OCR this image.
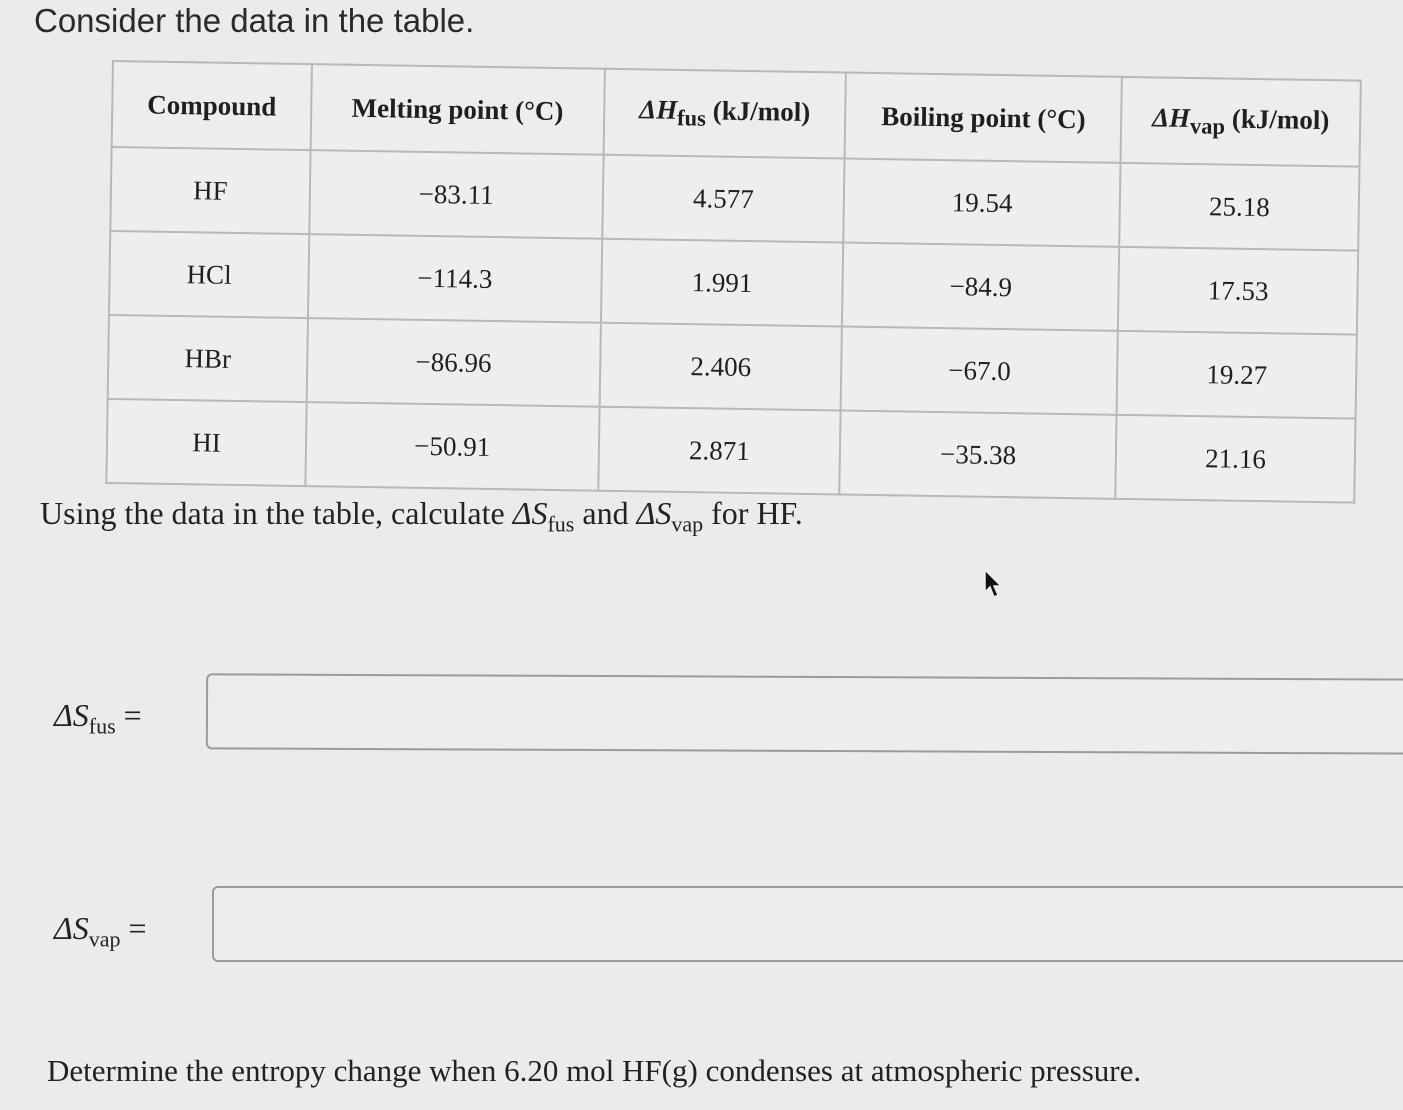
Consider the data in the table.
Compound	Melting point (°C)	$\Delta H_{fus}$ (kJ/mol)	Boiling point (°C)	$\Delta H_{vap}$ (kJ/mol)
HF	−83.11	4.577	19.54	25.18
HCl	−114.3	1.991	−84.9	17.53
HBr	−86.96	2.406	−67.0	19.27
HI	−50.91	2.871	−35.38	21.16
Using the data in the table, calculate $\Delta S_{fus}$ and $\Delta S_{vap}$ for HF.
$\Delta S_{fus}$ =
$\Delta S_{vap}$ =
Determine the entropy change when 6.20 mol HF(g) condenses at atmospheric pressure.
